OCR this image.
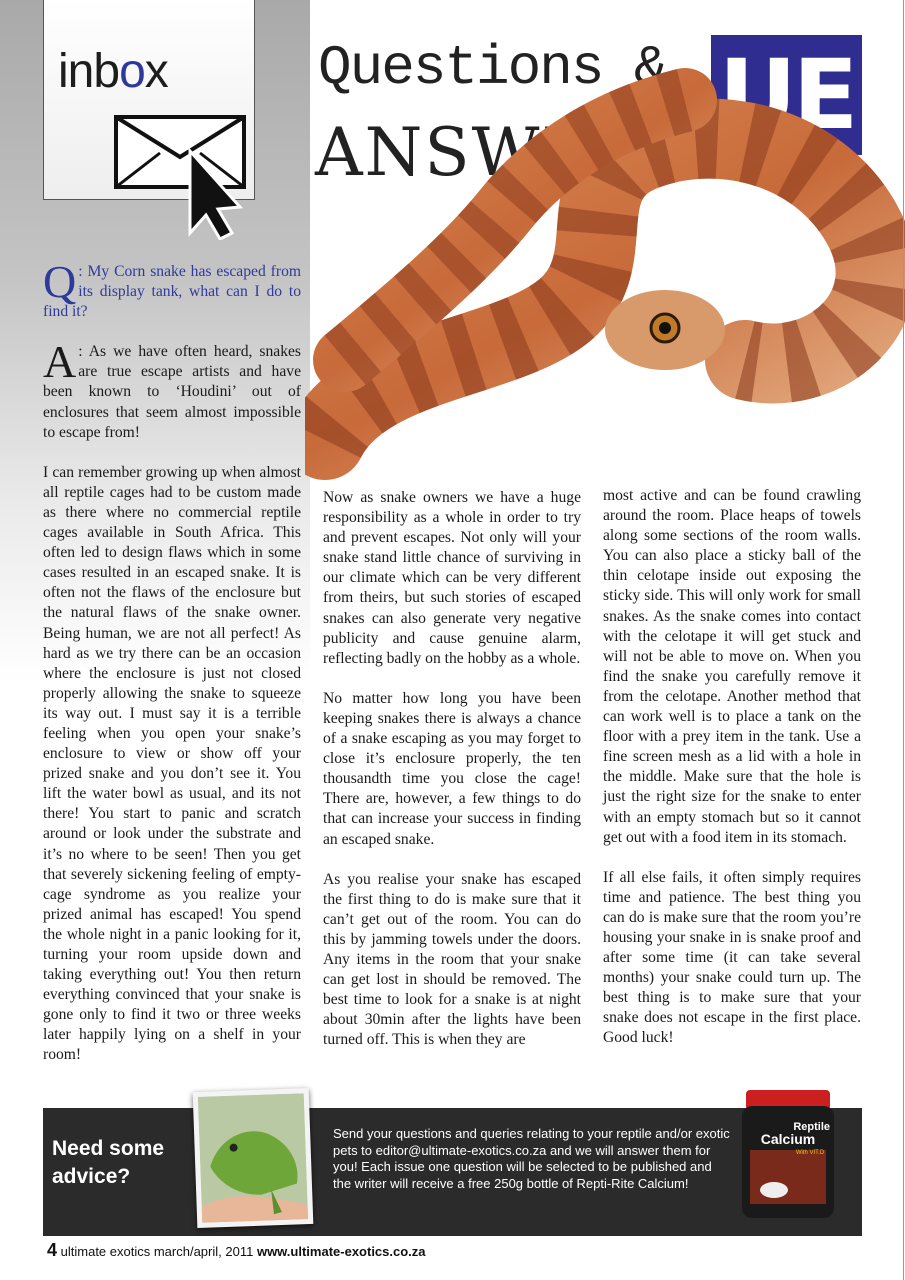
inbox	Questions &
ANSWERS
UE

Q : My Corn snake has escaped from its display tank, what can I do to find it?

A : As we have often heard, snakes are true escape artists and have been known to ‘Houdini’ out of enclosures that seem almost impossible to escape from!

I can remember growing up when almost all reptile cages had to be custom made as there where no commercial reptile cages available in South Africa. This often led to design flaws which in some cases resulted in an escaped snake. It is often not the flaws of the enclosure but the natural flaws of the snake owner. Being human, we are not all perfect! As hard as we try there can be an occasion where the enclosure is just not closed properly allowing the snake to squeeze its way out. I must say it is a terrible feeling when you open your snake’s enclosure to view or show off your prized snake and you don’t see it. You lift the water bowl as usual, and its not there! You start to panic and scratch around or look under the substrate and it’s no where to be seen! Then you get that severely sickening feeling of empty-cage syndrome as you realize your prized animal has escaped! You spend the whole night in a panic looking for it, turning your room upside down and taking everything out! You then return everything convinced that your snake is gone only to find it two or three weeks later happily lying on a shelf in your room!

Now as snake owners we have a huge responsibility as a whole in order to try and prevent escapes. Not only will your snake stand little chance of surviving in our climate which can be very different from theirs, but such stories of escaped snakes can also generate very negative publicity and cause genuine alarm, reflecting badly on the hobby as a whole.

No matter how long you have been keeping snakes there is always a chance of a snake escaping as you may forget to close it’s enclosure properly, the ten thousandth time you close the cage! There are, however, a few things to do that can increase your success in finding an escaped snake.

As you realise your snake has escaped the first thing to do is make sure that it can’t get out of the room. You can do this by jamming towels under the doors. Any items in the room that your snake can get lost in should be removed. The best time to look for a snake is at night about 30min after the lights have been turned off. This is when they are

most active and can be found crawling around the room. Place heaps of towels along some sections of the room walls. You can also place a sticky ball of the thin celotape inside out exposing the sticky side. This will only work for small snakes. As the snake comes into contact with the celotape it will get stuck and will not be able to move on. When you find the snake you carefully remove it from the celotape. Another method that can work well is to place a tank on the floor with a prey item in the tank. Use a fine screen mesh as a lid with a hole in the middle. Make sure that the hole is just the right size for the snake to enter with an empty stomach but so it cannot get out with a food item in its stomach.

If all else fails, it often simply requires time and patience. The best thing you can do is make sure that the room you’re housing your snake in is snake proof and after some time (it can take several months) your snake could turn up. The best thing is to make sure that your snake does not escape in the first place. Good luck!

Need some
advice?
Send your questions and queries relating to your reptile and/or exotic pets to editor@ultimate-exotics.co.za and we will answer them for you! Each issue one question will be selected to be published and the writer will receive a free 250g bottle of Repti-Rite Calcium!
Reptile
Calcium
With VIT.D
4 ultimate exotics march/april, 2011 www.ultimate-exotics.co.za
